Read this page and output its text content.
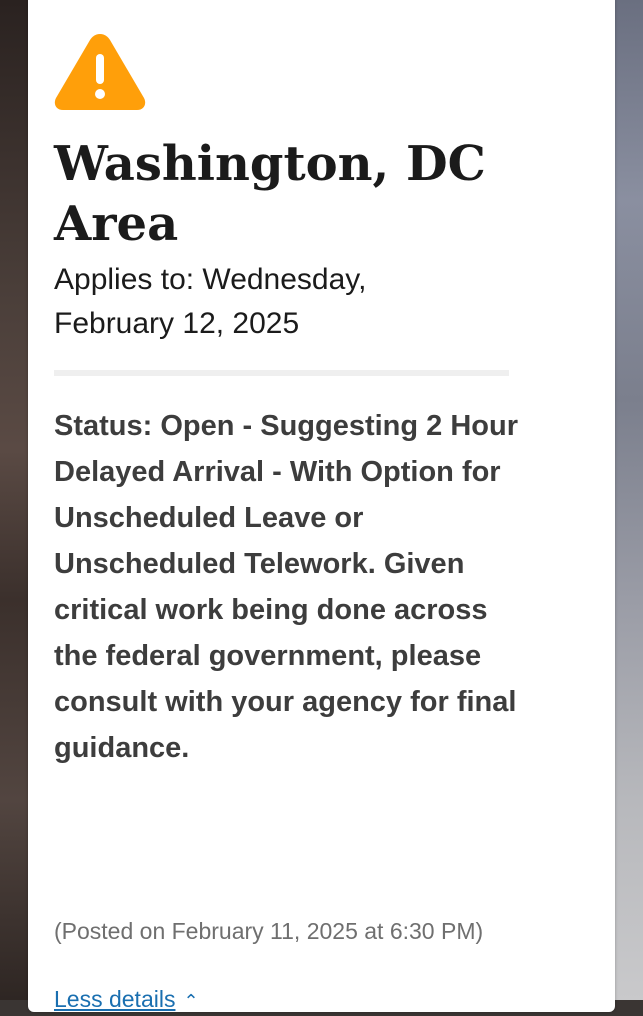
Washington, DC Area
Applies to: Wednesday, February 12, 2025
Status: Open - Suggesting 2 Hour Delayed Arrival - With Option for Unscheduled Leave or Unscheduled Telework. Given critical work being done across the federal government, please consult with your agency for final guidance.
(Posted on February 11, 2025 at 6:30 PM)
Less details ⌃
